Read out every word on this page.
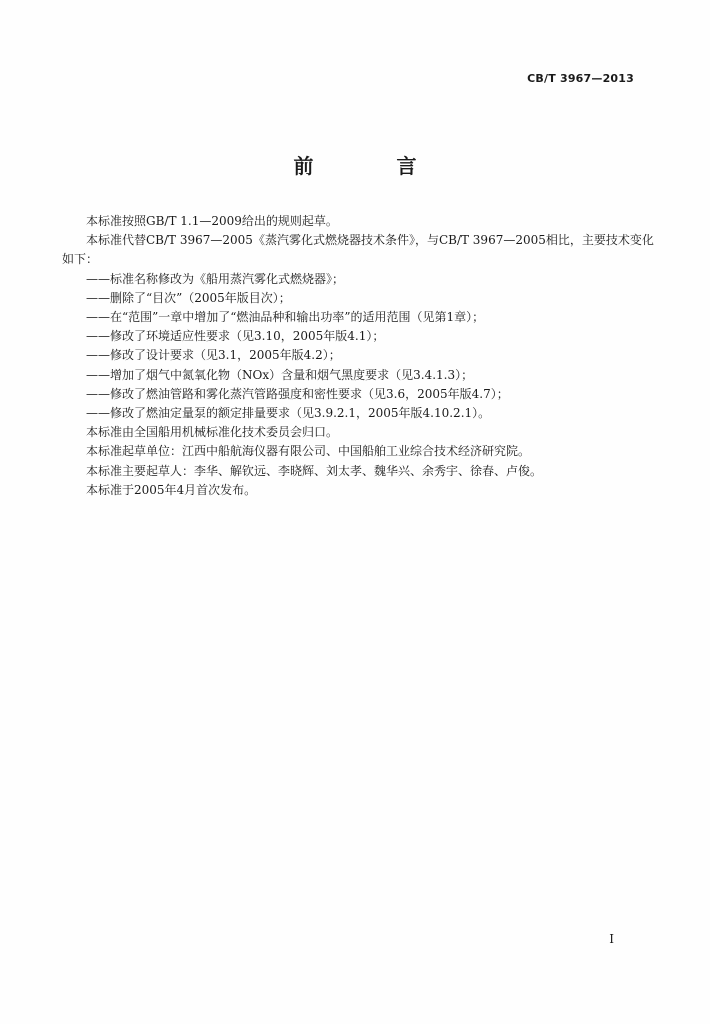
CB/T 3967—2013
前 言

本标准按照GB/T 1.1—2009给出的规则起草。

本标准代替CB/T 3967—2005《蒸汽雾化式燃烧器技术条件》，与CB/T 3967—2005相比，主要技术变化如下：

——标准名称修改为《船用蒸汽雾化式燃烧器》；

——删除了“目次”（2005年版目次）；

——在“范围”一章中增加了“燃油品种和输出功率”的适用范围（见第1章）；

——修改了环境适应性要求（见3.10，2005年版4.1）；

——修改了设计要求（见3.1，2005年版4.2）；

——增加了烟气中氮氧化物（NOx）含量和烟气黑度要求（见3.4.1.3）；

——修改了燃油管路和雾化蒸汽管路强度和密性要求（见3.6，2005年版4.7）；

——修改了燃油定量泵的额定排量要求（见3.9.2.1，2005年版4.10.2.1）。

本标准由全国船用机械标准化技术委员会归口。

本标准起草单位：江西中船航海仪器有限公司、中国船舶工业综合技术经济研究院。

本标准主要起草人：李华、解钦远、李晓辉、刘太孝、魏华兴、余秀宇、徐春、卢俊。

本标准于2005年4月首次发布。

I
